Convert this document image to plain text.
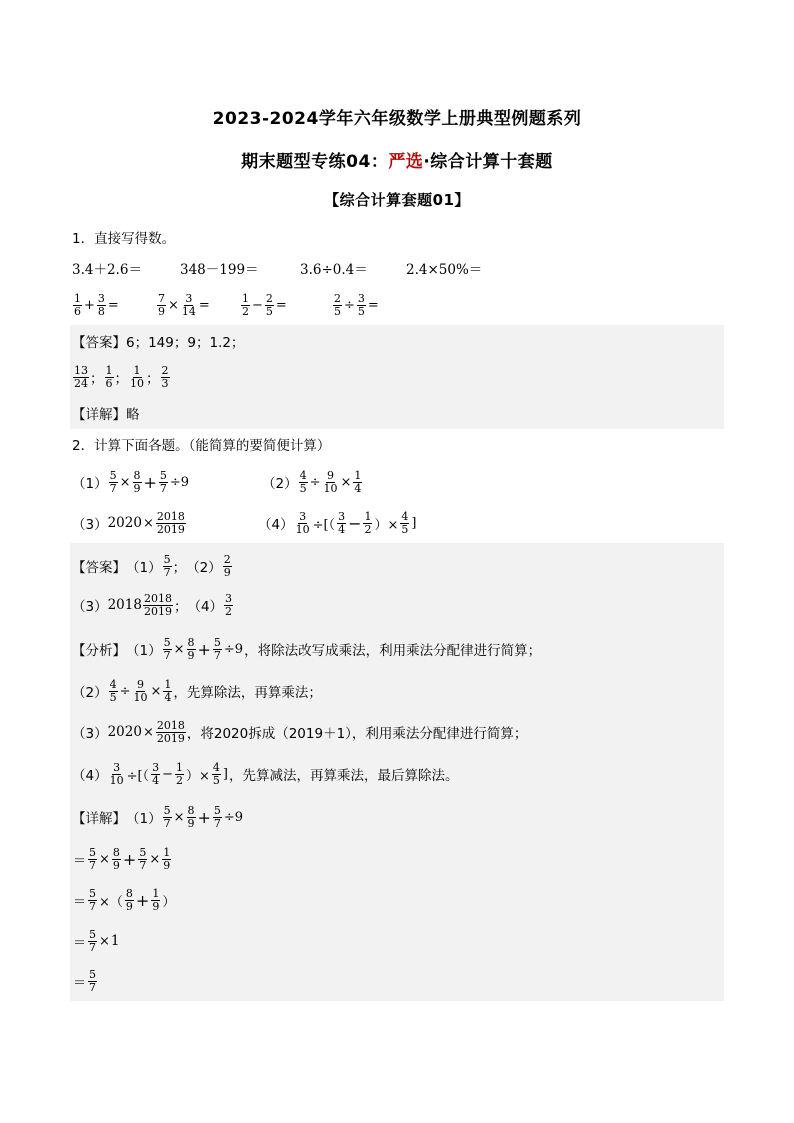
2023-2024学年六年级数学上册典型例题系列
期末题型专练04：严选·综合计算十套题
【综合计算套题01】
1．直接写得数。
3.4＋2.6＝	348－199＝	3.6÷0.4＝	2.4×50%＝
$\frac{1}{6} + \frac{3}{8}$ =	$\frac{7}{9} \times \frac{3}{14}$ =	$\frac{1}{2} - \frac{2}{5}$ =	$\frac{2}{5} \div \frac{3}{5}$ =
【答案】 6；149；9；1.2；
$\frac{13}{24}$ ； $\frac{1}{6}$ ； $\frac{1}{10}$ ； $\frac{2}{3}$
【详解】 略
2．计算下面各题。（能简算的要简便计算）
$(1) \frac{5}{7} \times \frac{8}{9} + \frac{5}{7} \div 9$	$(2) \frac{4}{5} \div \frac{9}{10} \times \frac{1}{4}$
（3） $2020 \times \frac{2018}{2019}$	$(4) \frac{3}{10}$ ÷[（ $\frac{3}{4} - \frac{1}{2}$ ）× $\frac{4}{5}$ ]
【答案】 $(1) \frac{5}{7}$ ； $(2) \frac{2}{9}$
（3） $2018 \frac{2018}{2019}$ ； $(4) \frac{3}{2}$
【分析】 $(1) \frac{5}{7} \times \frac{8}{9} + \frac{5}{7} \div 9$ ，将除法改写成乘法，利用乘法分配律进行简算；
$(2) \frac{4}{5} \div \frac{9}{10} \times \frac{1}{4}$ ，先算除法，再算乘法；
（3） $2020 \times \frac{2018}{2019}$ ，将2020拆成（2019＋1），利用乘法分配律进行简算；
$(4) \frac{3}{10}$ ÷[（ $\frac{3}{4} - \frac{1}{2}$ ）× $\frac{4}{5}$ ] ，先算减法，再算乘法，最后算除法。
【详解】 $(1) \frac{5}{7} \times \frac{8}{9} + \frac{5}{7} \div 9$
＝ $\frac{5}{7} \times \frac{8}{9} + \frac{5}{7} \times \frac{1}{9}$
＝ $\frac{5}{7}$ ×（ $\frac{8}{9} + \frac{1}{9}$ ）
＝ $\frac{5}{7} \times 1$
＝ $\frac{5}{7}$
